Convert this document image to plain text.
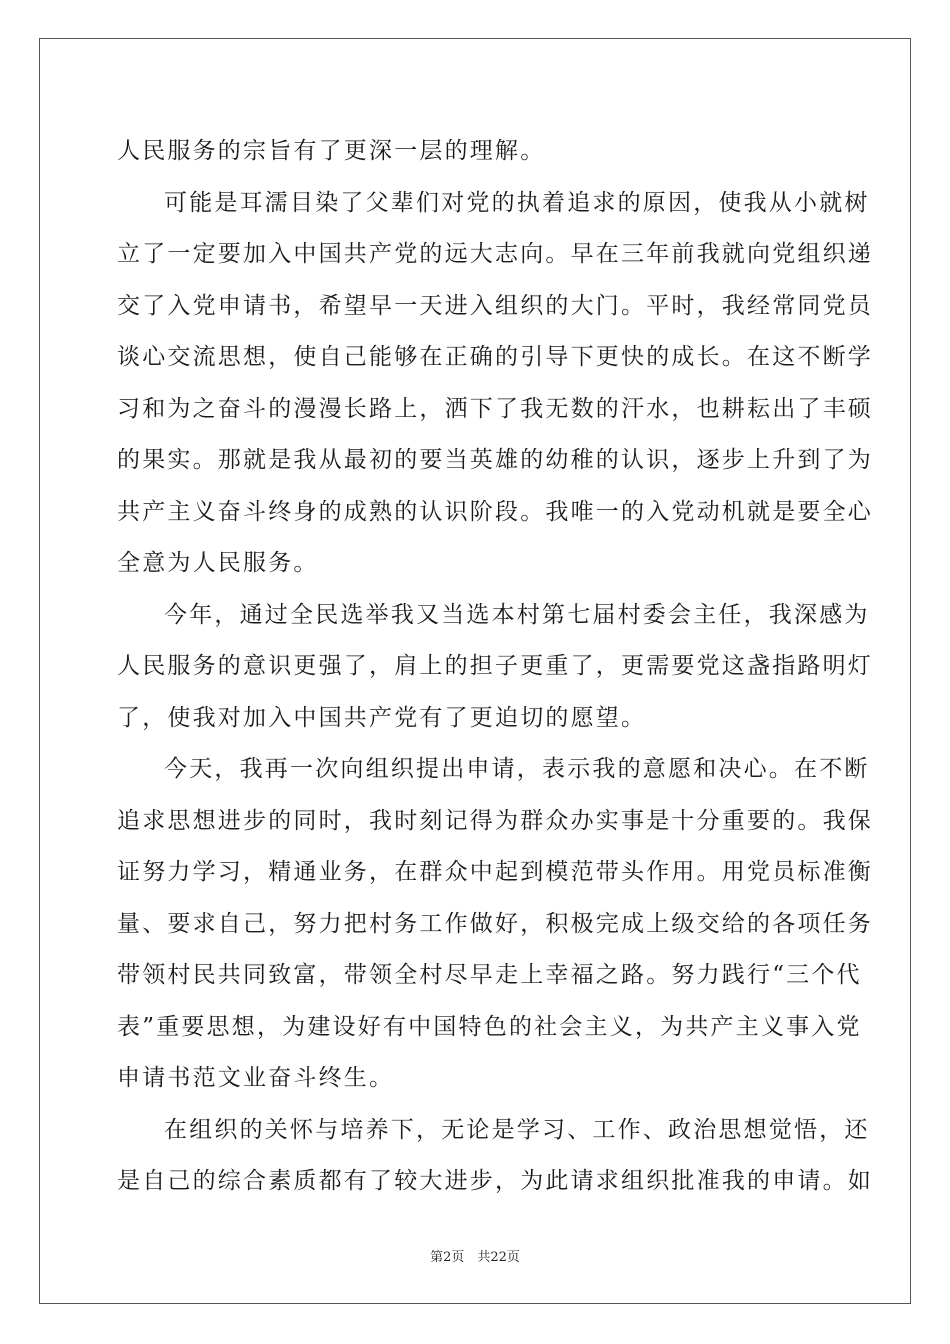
人民服务的宗旨有了更深一层的理解。
可能是耳濡目染了父辈们对党的执着追求的原因，使我从小就树
立了一定要加入中国共产党的远大志向。早在三年前我就向党组织递
交了入党申请书，希望早一天进入组织的大门。平时，我经常同党员
谈心交流思想，使自己能够在正确的引导下更快的成长。在这不断学
习和为之奋斗的漫漫长路上，洒下了我无数的汗水，也耕耘出了丰硕
的果实。那就是我从最初的要当英雄的幼稚的认识，逐步上升到了为
共产主义奋斗终身的成熟的认识阶段。我唯一的入党动机就是要全心
全意为人民服务。
今年，通过全民选举我又当选本村第七届村委会主任，我深感为
人民服务的意识更强了，肩上的担子更重了，更需要党这盏指路明灯
了，使我对加入中国共产党有了更迫切的愿望。
今天，我再一次向组织提出申请，表示我的意愿和决心。在不断
追求思想进步的同时，我时刻记得为群众办实事是十分重要的。我保
证努力学习，精通业务，在群众中起到模范带头作用。用党员标准衡
量、要求自己，努力把村务工作做好，积极完成上级交给的各项任务
带领村民共同致富，带领全村尽早走上幸福之路。努力践行“三个代
表”重要思想，为建设好有中国特色的社会主义，为共产主义事入党
申请书范文业奋斗终生。
在组织的关怀与培养下，无论是学习、工作、政治思想觉悟，还
是自己的综合素质都有了较大进步，为此请求组织批准我的申请。如
第2页　共22页
